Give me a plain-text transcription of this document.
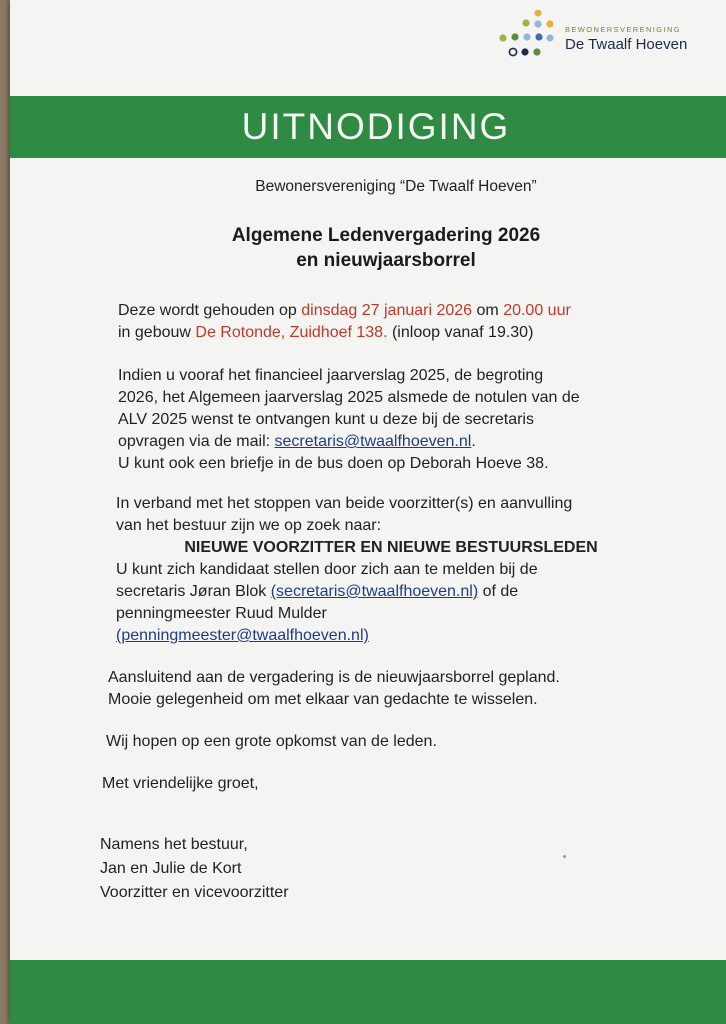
BEWONERSVERENIGING
De Twaalf Hoeven
UITNODIGING
Bewonersvereniging “De Twaalf Hoeven”
Algemene Ledenvergadering 2026
en nieuwjaarsborrel

Deze wordt gehouden op dinsdag 27 januari 2026 om 20.00 uur
in gebouw De Rotonde, Zuidhoef 138. (inloop vanaf 19.30)

Indien u vooraf het financieel jaarverslag 2025, de begroting
2026, het Algemeen jaarverslag 2025 alsmede de notulen van de
ALV 2025 wenst te ontvangen kunt u deze bij de secretaris
opvragen via de mail: secretaris@twaalfhoeven.nl.
U kunt ook een briefje in de bus doen op Deborah Hoeve 38.

In verband met het stoppen van beide voorzitter(s) en aanvulling
van het bestuur zijn we op zoek naar:
NIEUWE VOORZITTER EN NIEUWE BESTUURSLEDEN
U kunt zich kandidaat stellen door zich aan te melden bij de
secretaris Jøran Blok (secretaris@twaalfhoeven.nl) of de
penningmeester Ruud Mulder
(penningmeester@twaalfhoeven.nl)

Aansluitend aan de vergadering is de nieuwjaarsborrel gepland.
Mooie gelegenheid om met elkaar van gedachte te wisselen.

Wij hopen op een grote opkomst van de leden.

Met vriendelijke groet,

Namens het bestuur,
Jan en Julie de Kort
Voorzitter en vicevoorzitter
